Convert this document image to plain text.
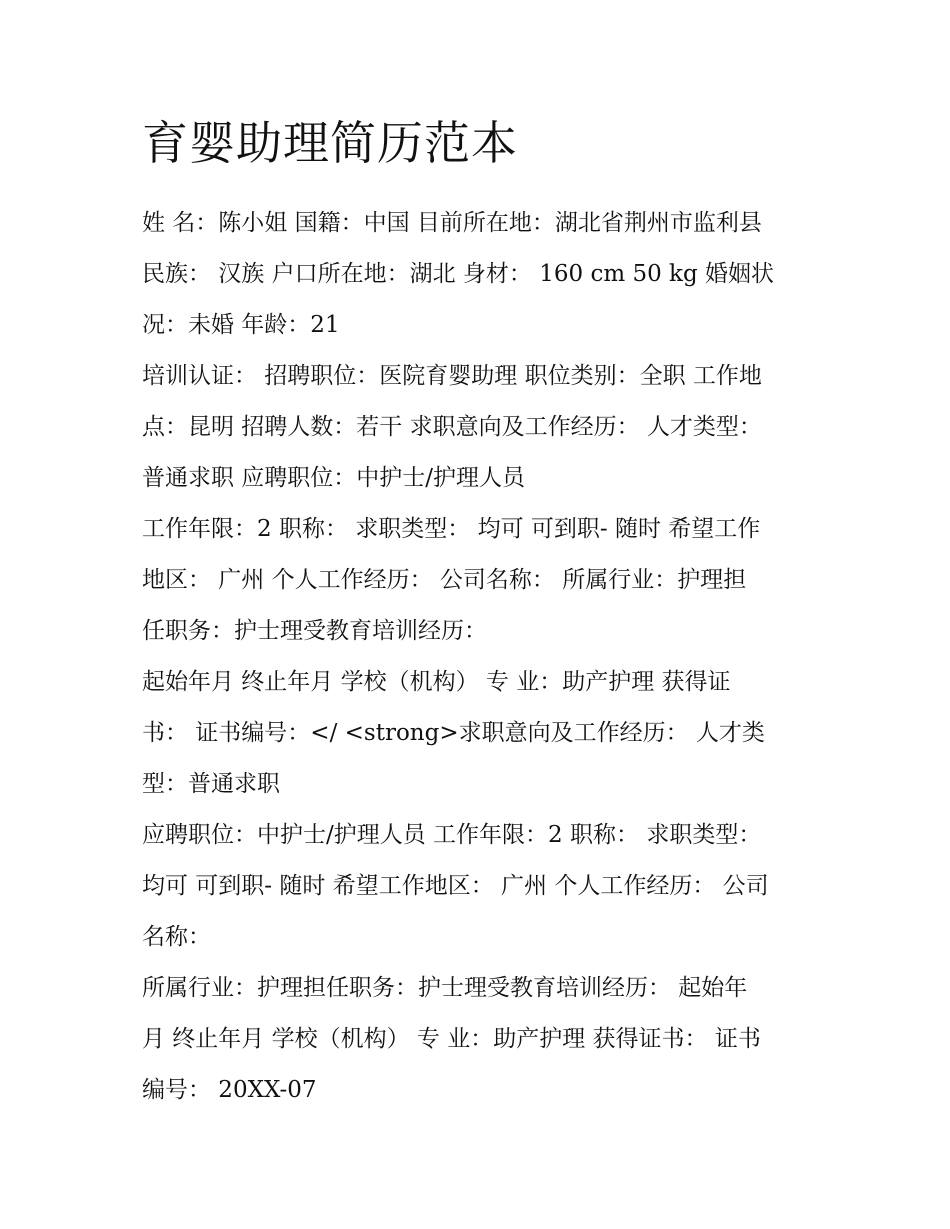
育婴助理简历范本
姓 名：陈小姐 国籍：中国 目前所在地：湖北省荆州市监利县
民族： 汉族 户口所在地：湖北 身材： 160 cm 50 kg 婚姻状
况：未婚 年龄：21
培训认证： 招聘职位：医院育婴助理 职位类别：全职 工作地
点：昆明 招聘人数：若干 求职意向及工作经历： 人才类型：
普通求职 应聘职位：中护士/护理人员
工作年限：2 职称： 求职类型： 均可 可到职- 随时 希望工作
地区： 广州 个人工作经历： 公司名称： 所属行业：护理担
任职务：护士理受教育培训经历：
起始年月 终止年月 学校（机构） 专 业：助产护理 获得证
书： 证书编号：</ <strong>求职意向及工作经历： 人才类
型：普通求职
应聘职位：中护士/护理人员 工作年限：2 职称： 求职类型：
均可 可到职- 随时 希望工作地区： 广州 个人工作经历： 公司
名称：
所属行业：护理担任职务：护士理受教育培训经历： 起始年
月 终止年月 学校（机构） 专 业：助产护理 获得证书： 证书
编号： 20XX-07
